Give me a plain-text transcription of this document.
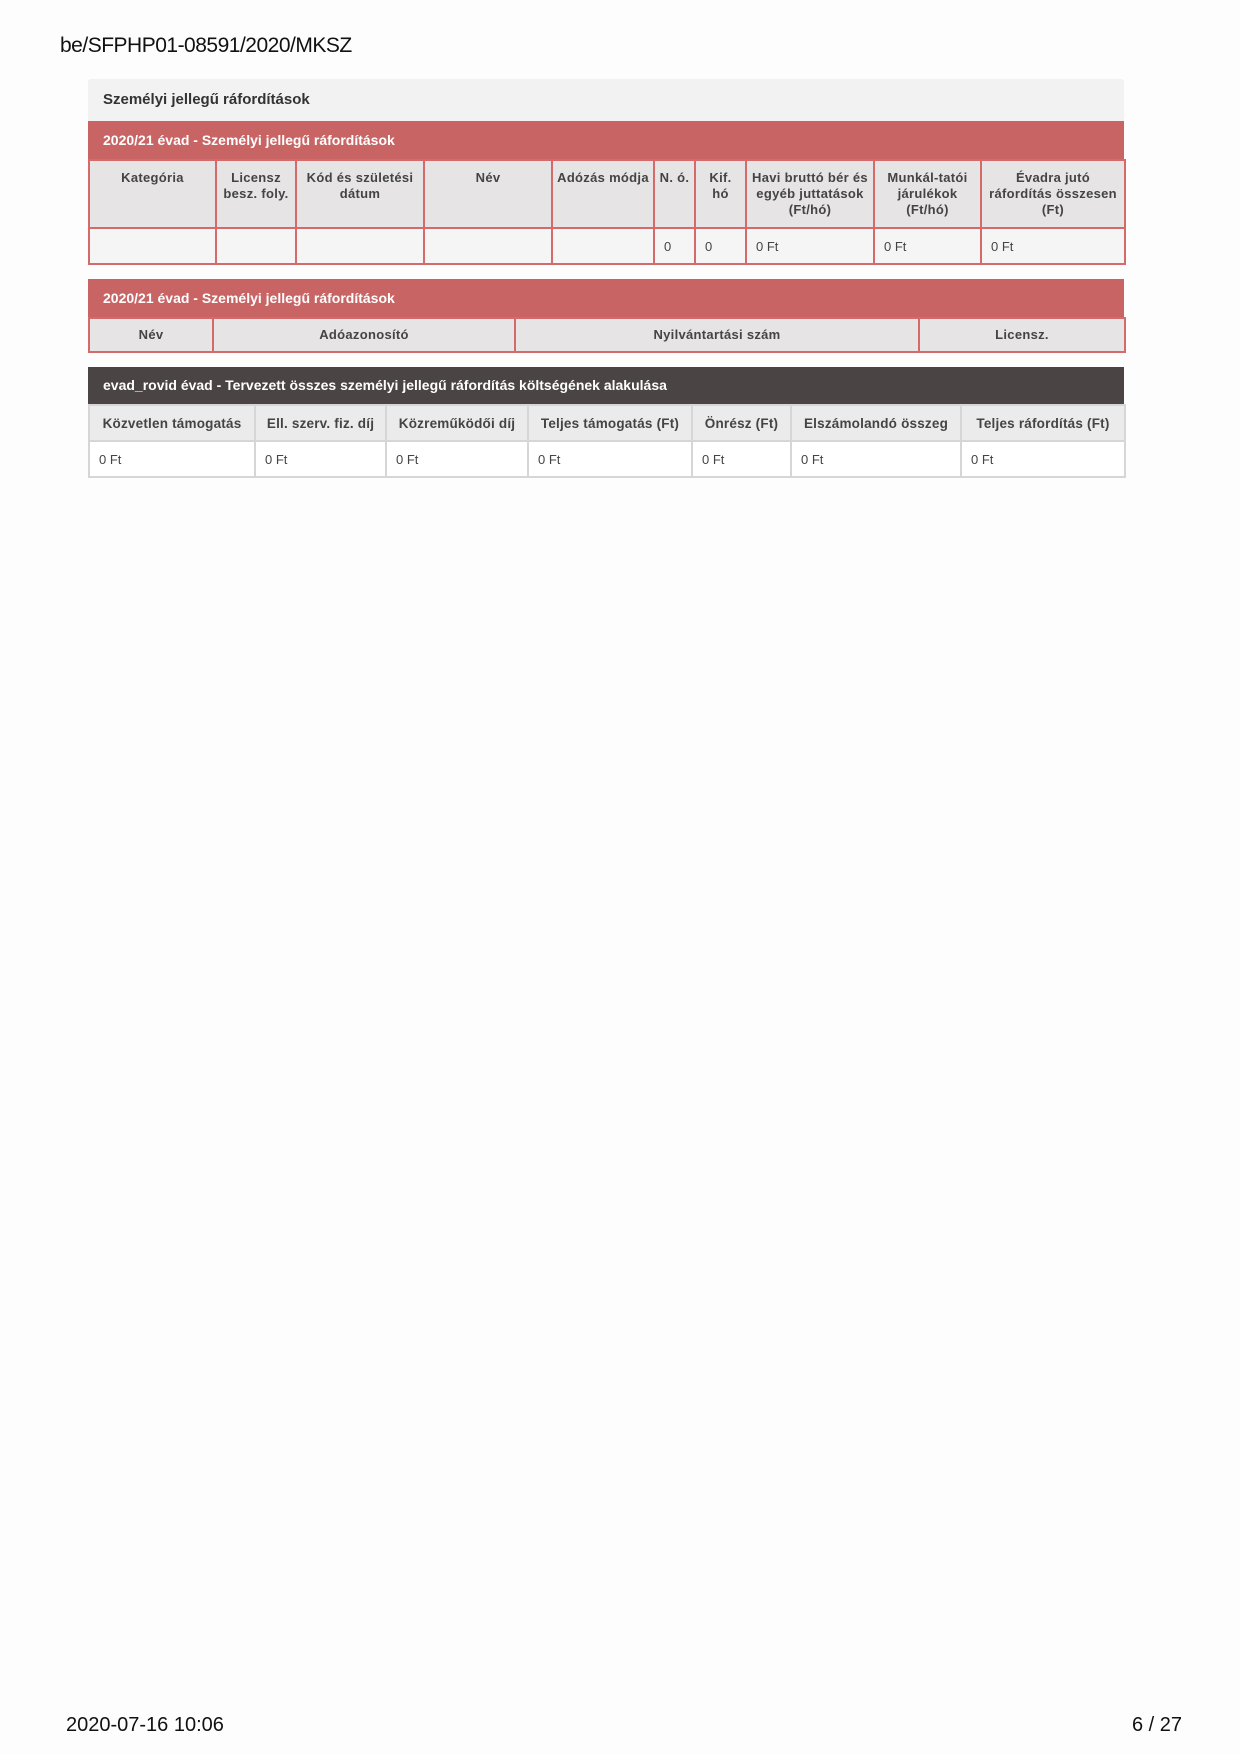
be/SFPHP01-08591/2020/MKSZ
Személyi jellegű ráfordítások
2020/21 évad - Személyi jellegű ráfordítások
Kategória	Licensz besz. foly.	Kód és születési dátum	Név	Adózás módja	N. ó.	Kif. hó	Havi bruttó bér és egyéb juttatások (Ft/hó)	Munkál-tatói járulékok (Ft/hó)	Évadra jutó ráfordítás összesen (Ft)
					0	0	0 Ft	0 Ft	0 Ft
2020/21 évad - Személyi jellegű ráfordítások
Név	Adóazonosító	Nyilvántartási szám	Licensz.
evad_rovid évad - Tervezett összes személyi jellegű ráfordítás költségének alakulása
Közvetlen támogatás	Ell. szerv. fiz. díj	Közreműködői díj	Teljes támogatás (Ft)	Önrész (Ft)	Elszámolandó összeg	Teljes ráfordítás (Ft)
0 Ft	0 Ft	0 Ft	0 Ft	0 Ft	0 Ft	0 Ft
2020-07-16 10:06	6 / 27
